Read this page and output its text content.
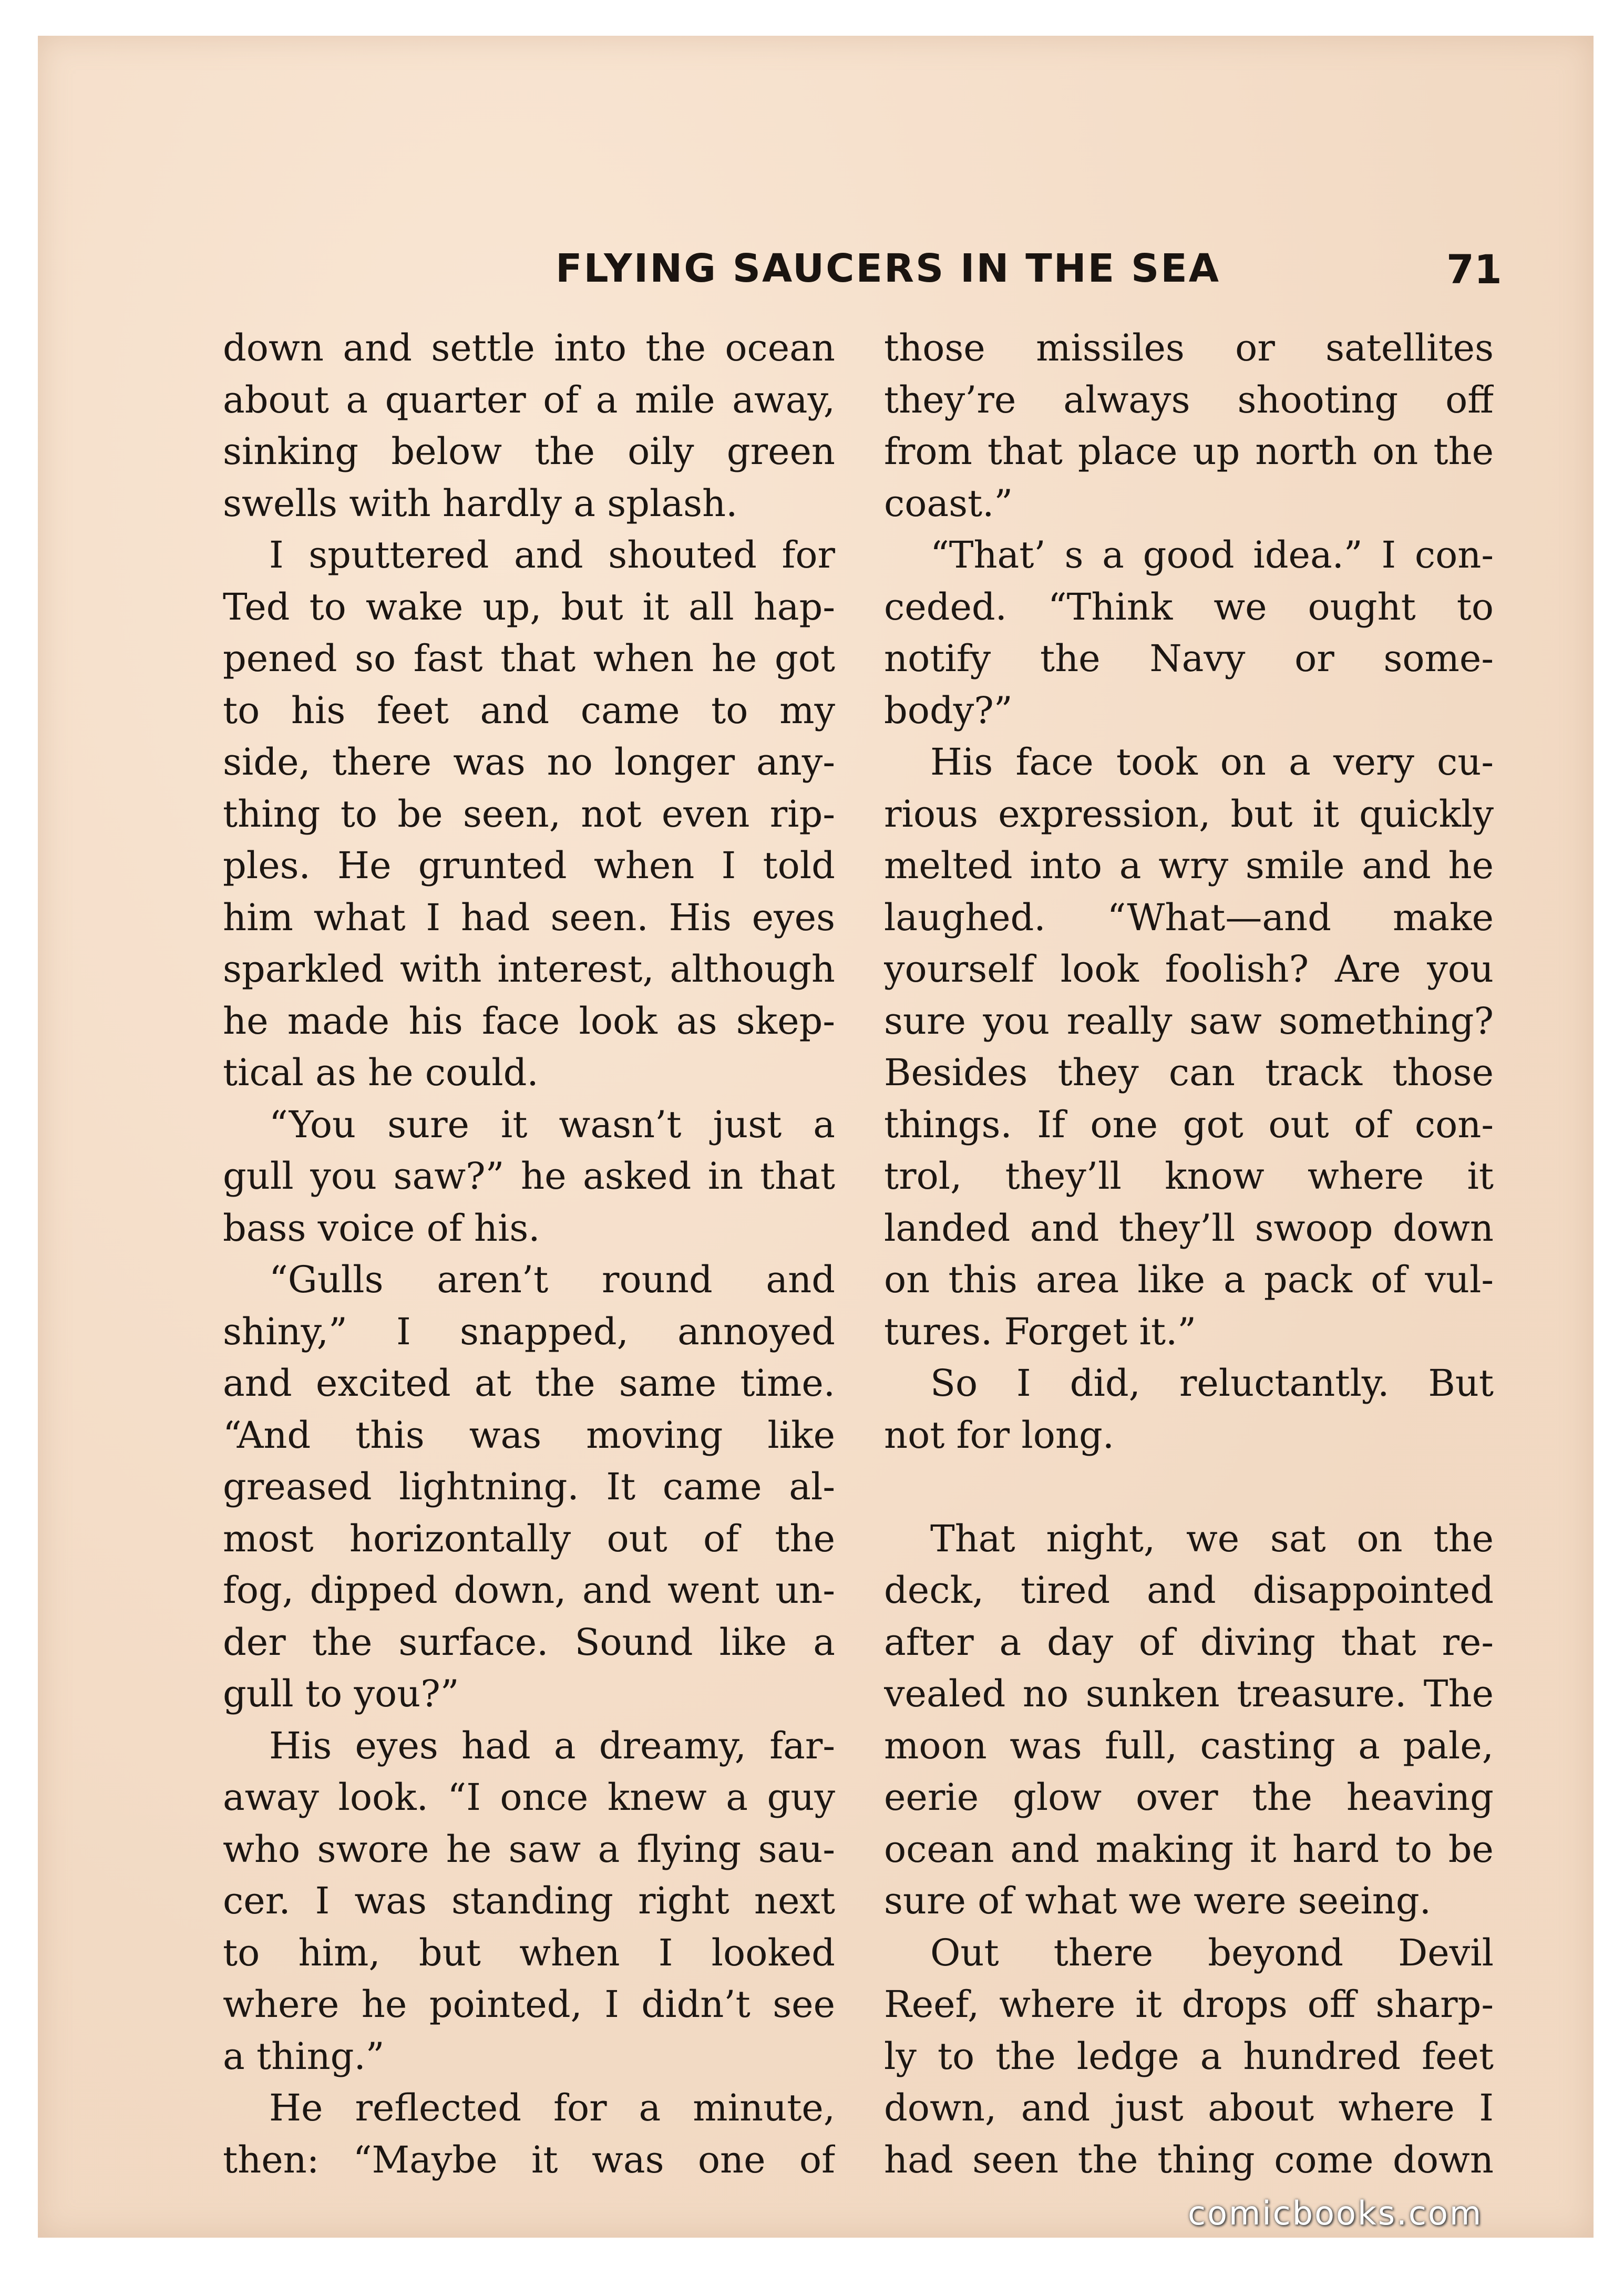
FLYING SAUCERS IN THE SEA	71
down and settle into the ocean
about a quarter of a mile away,
sinking below the oily green
swells with hardly a splash.
I sputtered and shouted for
Ted to wake up, but it all hap-
pened so fast that when he got
to his feet and came to my
side, there was no longer any-
thing to be seen, not even rip-
ples. He grunted when I told
him what I had seen. His eyes
sparkled with interest, although
he made his face look as skep-
tical as he could.
“You sure it wasn’t just a
gull you saw?” he asked in that
bass voice of his.
“Gulls aren’t round and
shiny,” I snapped, annoyed
and excited at the same time.
“And this was moving like
greased lightning. It came al-
most horizontally out of the
fog, dipped down, and went un-
der the surface. Sound like a
gull to you?”
His eyes had a dreamy, far-
away look. “I once knew a guy
who swore he saw a flying sau-
cer. I was standing right next
to him, but when I looked
where he pointed, I didn’t see
a thing.”
He reflected for a minute,
then: “Maybe it was one of
those missiles or satellites
they’re always shooting off
from that place up north on the
coast.”
“That’ s a good idea.” I con-
ceded. “Think we ought to
notify the Navy or some-
body?”
His face took on a very cu-
rious expression, but it quickly
melted into a wry smile and he
laughed. “What—and make
yourself look foolish? Are you
sure you really saw something?
Besides they can track those
things. If one got out of con-
trol, they’ll know where it
landed and they’ll swoop down
on this area like a pack of vul-
tures. Forget it.”
So I did, reluctantly. But
not for long.
That night, we sat on the
deck, tired and disappointed
after a day of diving that re-
vealed no sunken treasure. The
moon was full, casting a pale,
eerie glow over the heaving
ocean and making it hard to be
sure of what we were seeing.
Out there beyond Devil
Reef, where it drops off sharp-
ly to the ledge a hundred feet
down, and just about where I
had seen the thing come down
comicbooks.com
